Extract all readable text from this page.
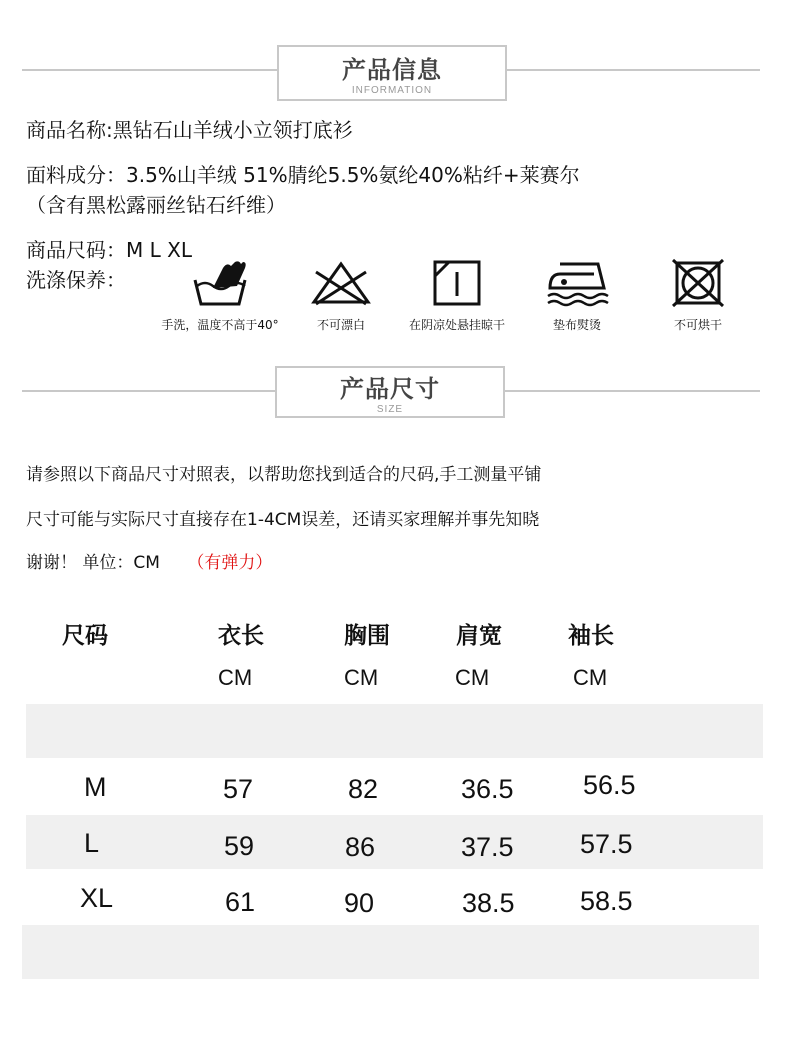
产品信息
INFORMATION
商品名称:黑钻石山羊绒小立领打底衫
面料成分：3.5%山羊绒 51%腈纶5.5%氨纶40%粘纤+莱赛尔
（含有黑松露丽丝钻石纤维）
商品尺码：M L XL
洗涤保养：
手洗，温度不高于40°	不可漂白	在阴凉处悬挂晾干	垫布熨烫	不可烘干
产品尺寸
SIZE
请参照以下商品尺寸对照表，以帮助您找到适合的尺码,手工测量平铺
尺寸可能与实际尺寸直接存在1-4CM误差，还请买家理解并事先知晓
谢谢！ 单位：CM （有弹力）
尺码	衣长	胸围	肩宽	袖长
CM	CM	CM	CM
M	57	82	36.5	56.5
L	59	86	37.5 57.5
XL	61	90	38.5 58.5
